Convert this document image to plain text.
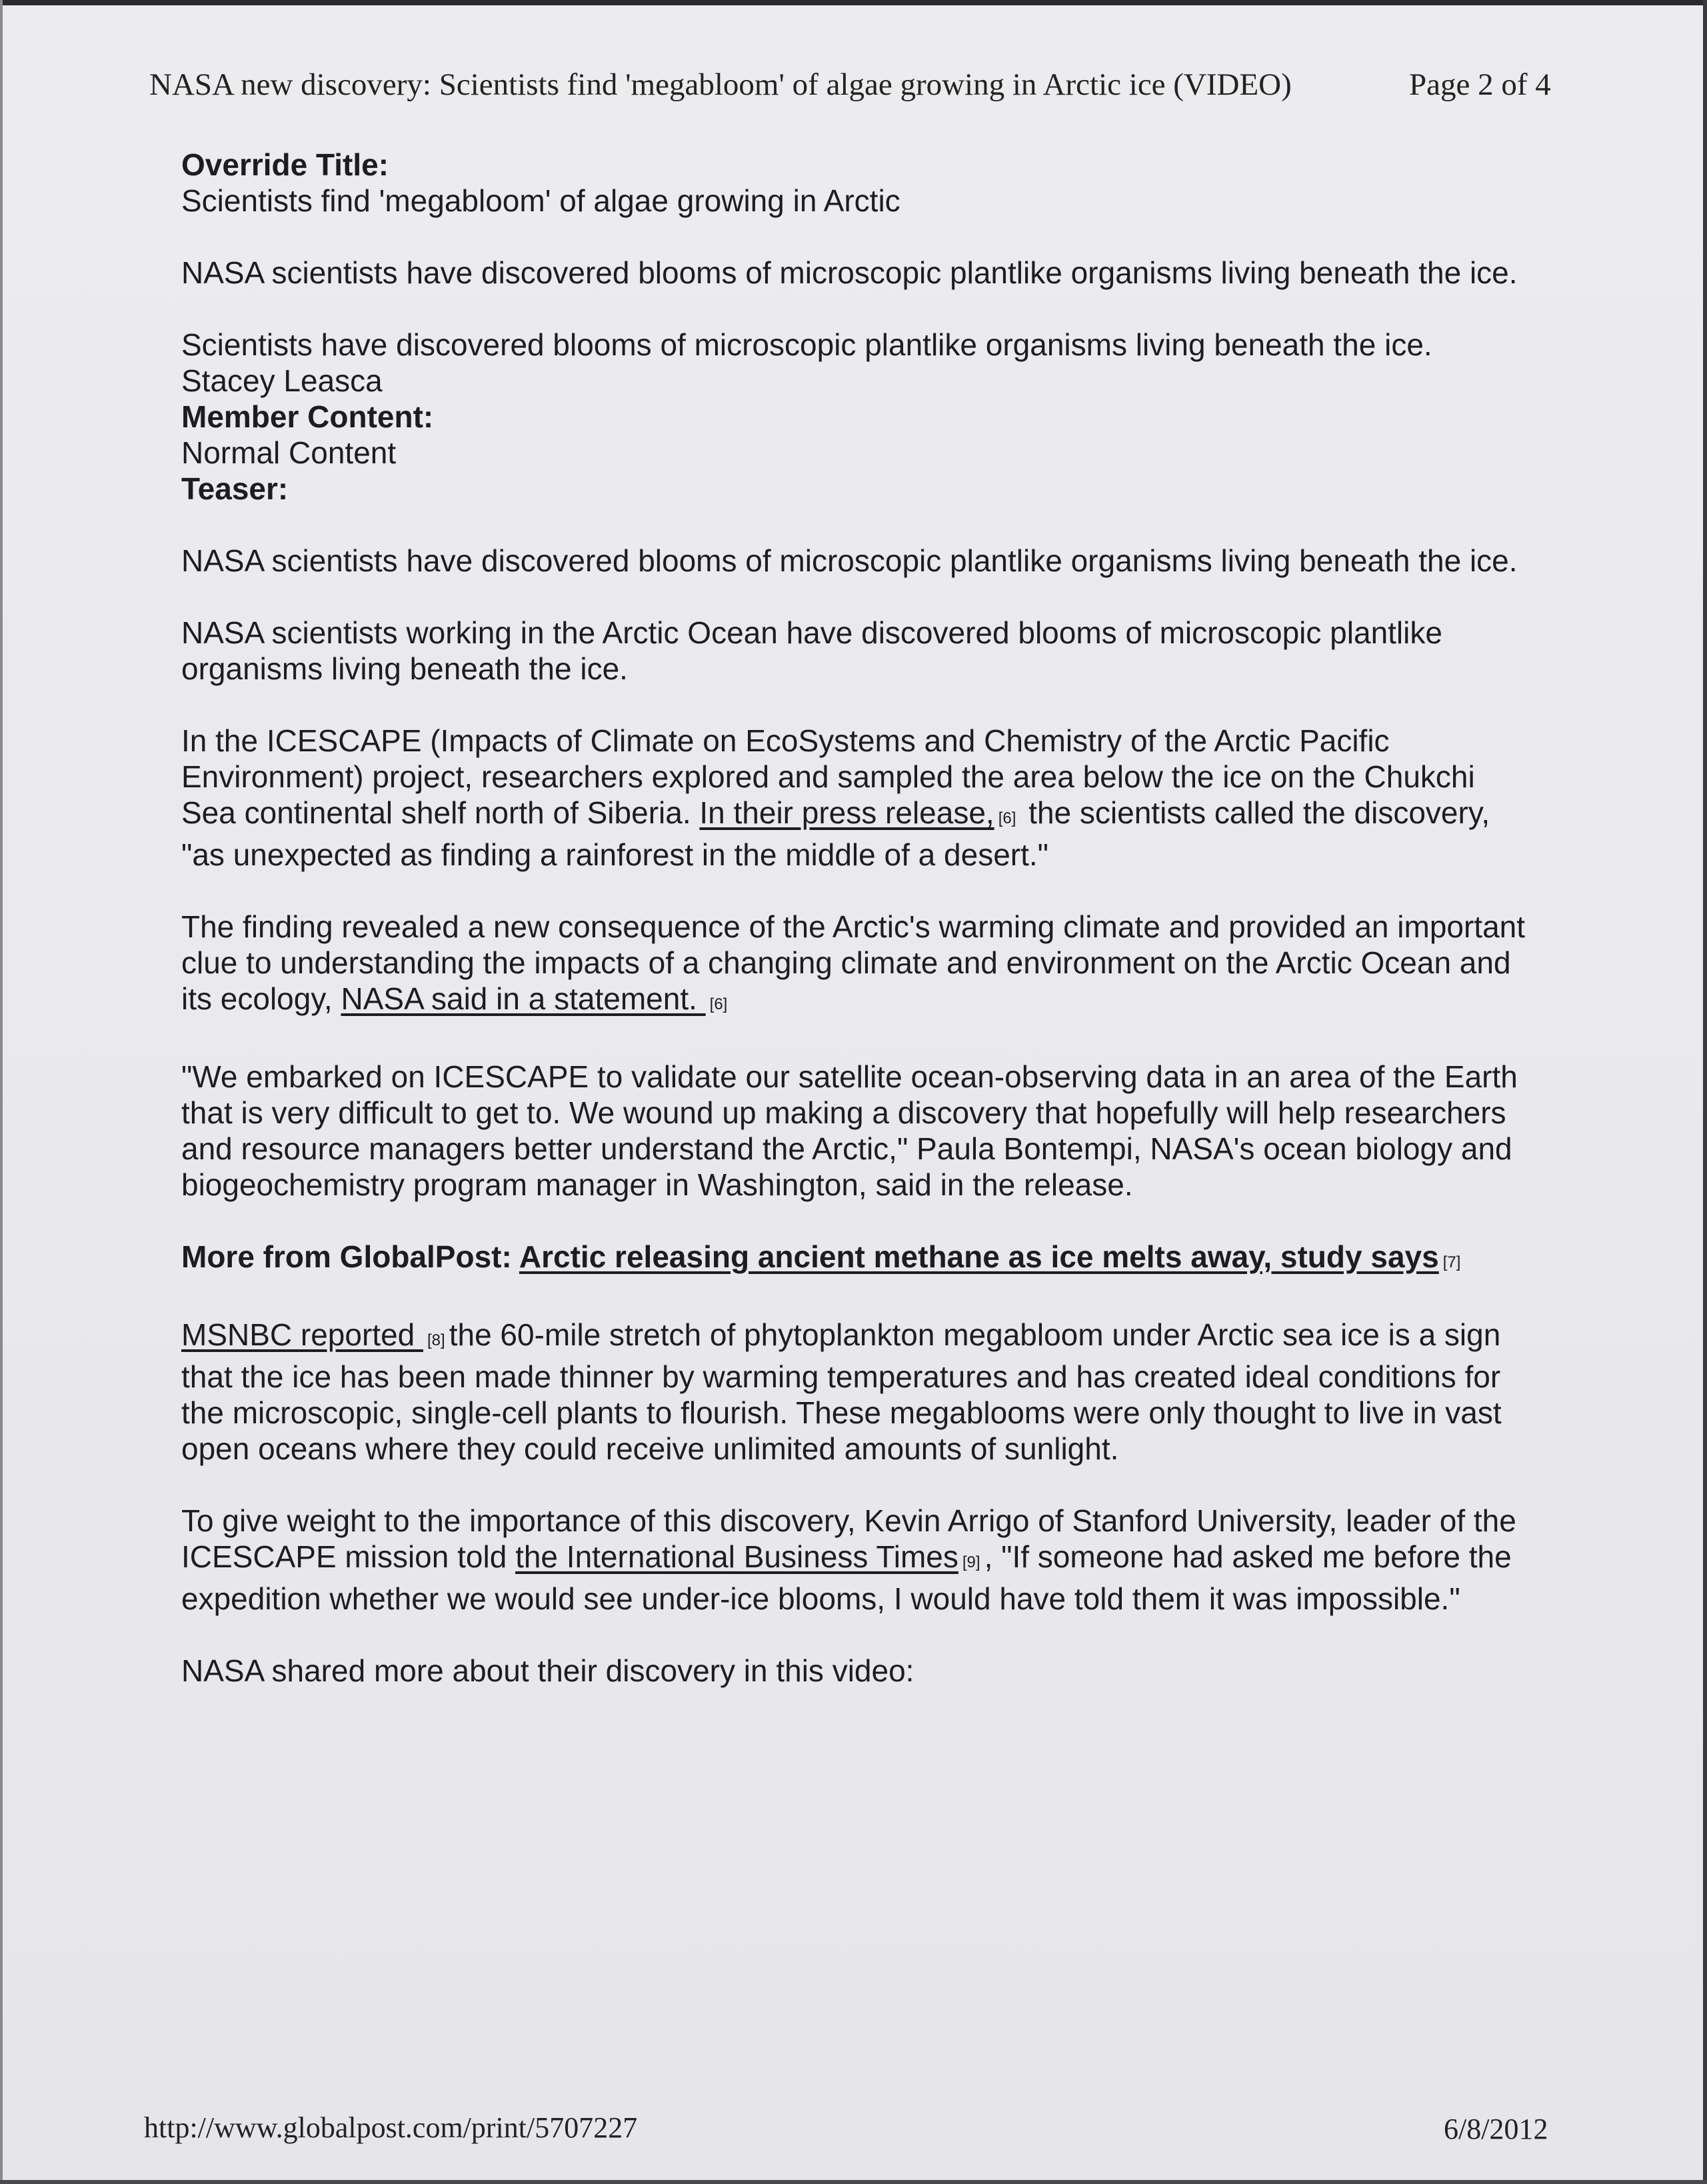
NASA new discovery: Scientists find 'megabloom' of algae growing in Arctic ice (VIDEO)	Page 2 of 4

Override Title:
Scientists find 'megabloom' of algae growing in Arctic

NASA scientists have discovered blooms of microscopic plantlike organisms living beneath the ice.

Scientists have discovered blooms of microscopic plantlike organisms living beneath the ice.

Stacey Leasca

Member Content:
Normal Content

Teaser:

NASA scientists have discovered blooms of microscopic plantlike organisms living beneath the ice.

NASA scientists working in the Arctic Ocean have discovered blooms of microscopic plantlike organisms living beneath the ice.

In the ICESCAPE (Impacts of Climate on EcoSystems and Chemistry of the Arctic Pacific Environment) project, researchers explored and sampled the area below the ice on the Chukchi Sea continental shelf north of Siberia. In their press release, [6] the scientists called the discovery, "as unexpected as finding a rainforest in the middle of a desert."

The finding revealed a new consequence of the Arctic's warming climate and provided an important clue to understanding the impacts of a changing climate and environment on the Arctic Ocean and its ecology, NASA said in a statement. [6]

"We embarked on ICESCAPE to validate our satellite ocean-observing data in an area of the Earth that is very difficult to get to. We wound up making a discovery that hopefully will help researchers and resource managers better understand the Arctic," Paula Bontempi, NASA's ocean biology and biogeochemistry program manager in Washington, said in the release.

More from GlobalPost: Arctic releasing ancient methane as ice melts away, study says [7]

MSNBC reported [8] the 60-mile stretch of phytoplankton megabloom under Arctic sea ice is a sign that the ice has been made thinner by warming temperatures and has created ideal conditions for the microscopic, single-cell plants to flourish. These megablooms were only thought to live in vast open oceans where they could receive unlimited amounts of sunlight.

To give weight to the importance of this discovery, Kevin Arrigo of Stanford University, leader of the ICESCAPE mission told the International Business Times [9] , "If someone had asked me before the expedition whether we would see under-ice blooms, I would have told them it was impossible."

NASA shared more about their discovery in this video:

http://www.globalpost.com/print/5707227	6/8/2012
